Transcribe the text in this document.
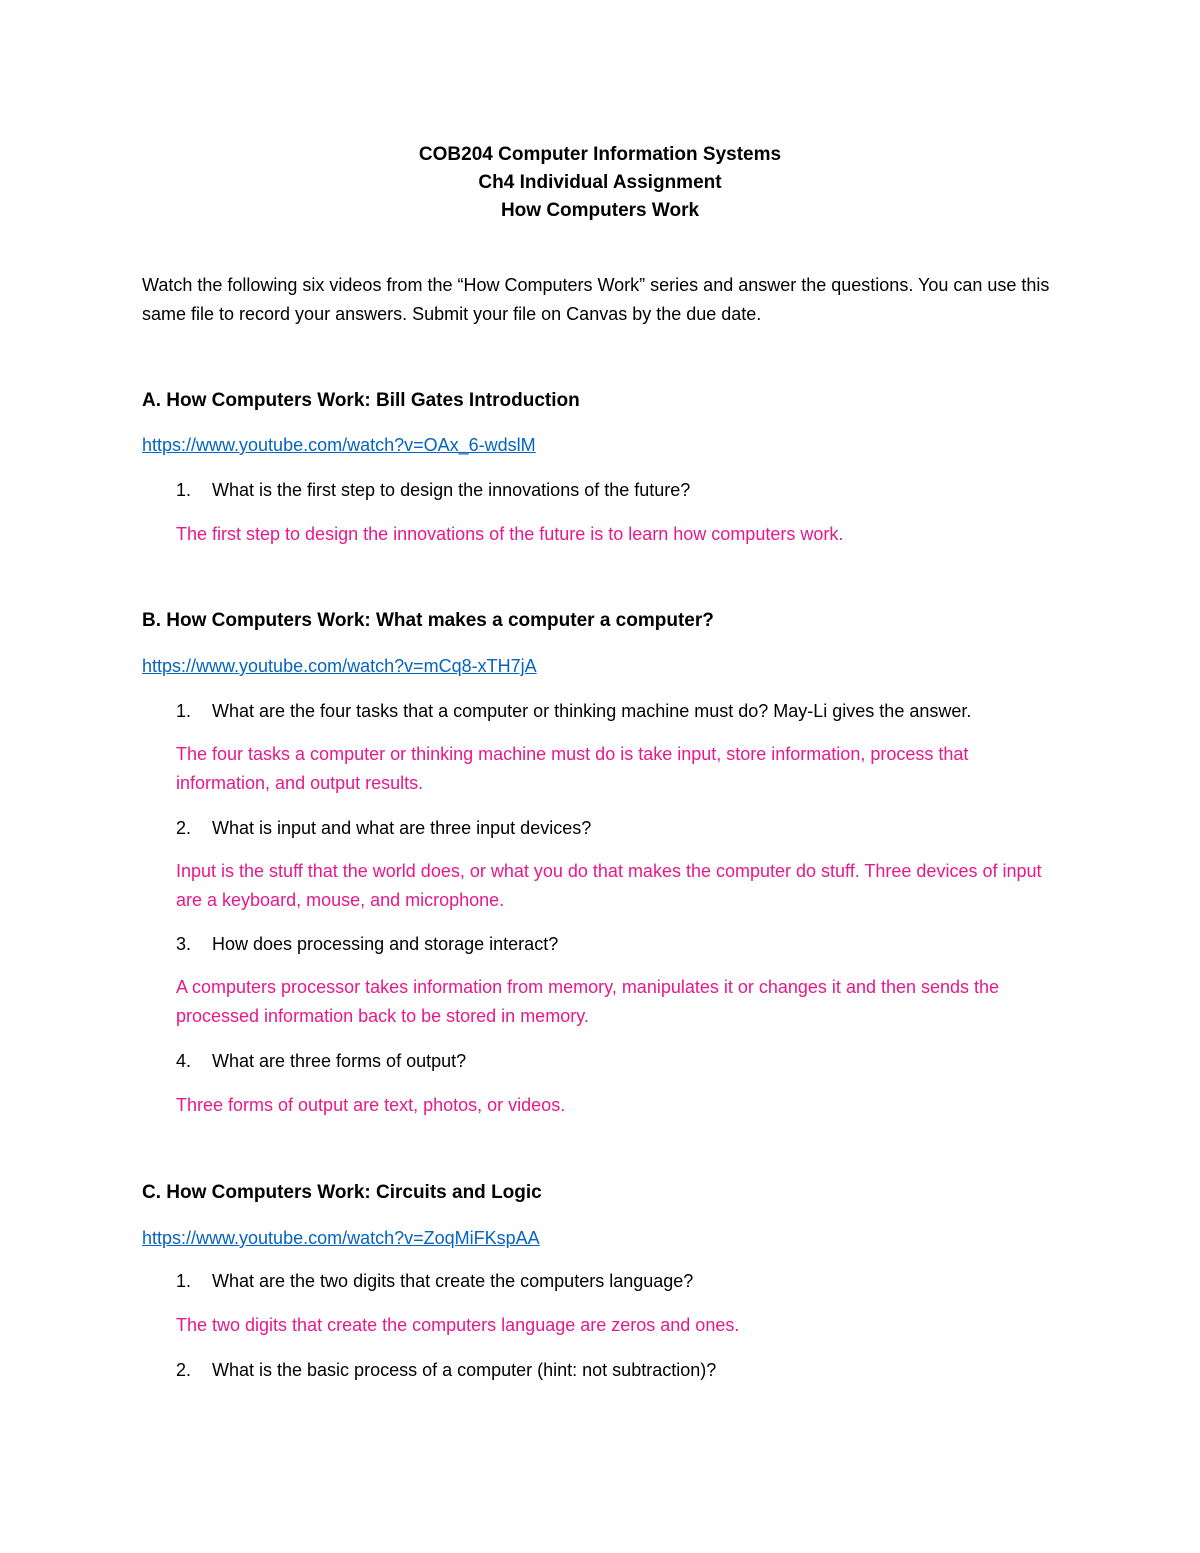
COB204 Computer Information Systems
Ch4 Individual Assignment
How Computers Work
Watch the following six videos from the “How Computers Work” series and answer the questions. You can use this same file to record your answers. Submit your file on Canvas by the due date.
A. How Computers Work: Bill Gates Introduction
https://www.youtube.com/watch?v=OAx_6-wdslM
1.	What is the first step to design the innovations of the future?
The first step to design the innovations of the future is to learn how computers work.
B. How Computers Work: What makes a computer a computer?
https://www.youtube.com/watch?v=mCq8-xTH7jA
1.	What are the four tasks that a computer or thinking machine must do? May-Li gives the answer.
The four tasks a computer or thinking machine must do is take input, store information, process that information, and output results.
2.	What is input and what are three input devices?
Input is the stuff that the world does, or what you do that makes the computer do stuff. Three devices of input are a keyboard, mouse, and microphone.
3.	How does processing and storage interact?
A computers processor takes information from memory, manipulates it or changes it and then sends the processed information back to be stored in memory.
4.	What are three forms of output?
Three forms of output are text, photos, or videos.
C. How Computers Work: Circuits and Logic
https://www.youtube.com/watch?v=ZoqMiFKspAA
1.	What are the two digits that create the computers language?
The two digits that create the computers language are zeros and ones.
2.	What is the basic process of a computer (hint: not subtraction)?
